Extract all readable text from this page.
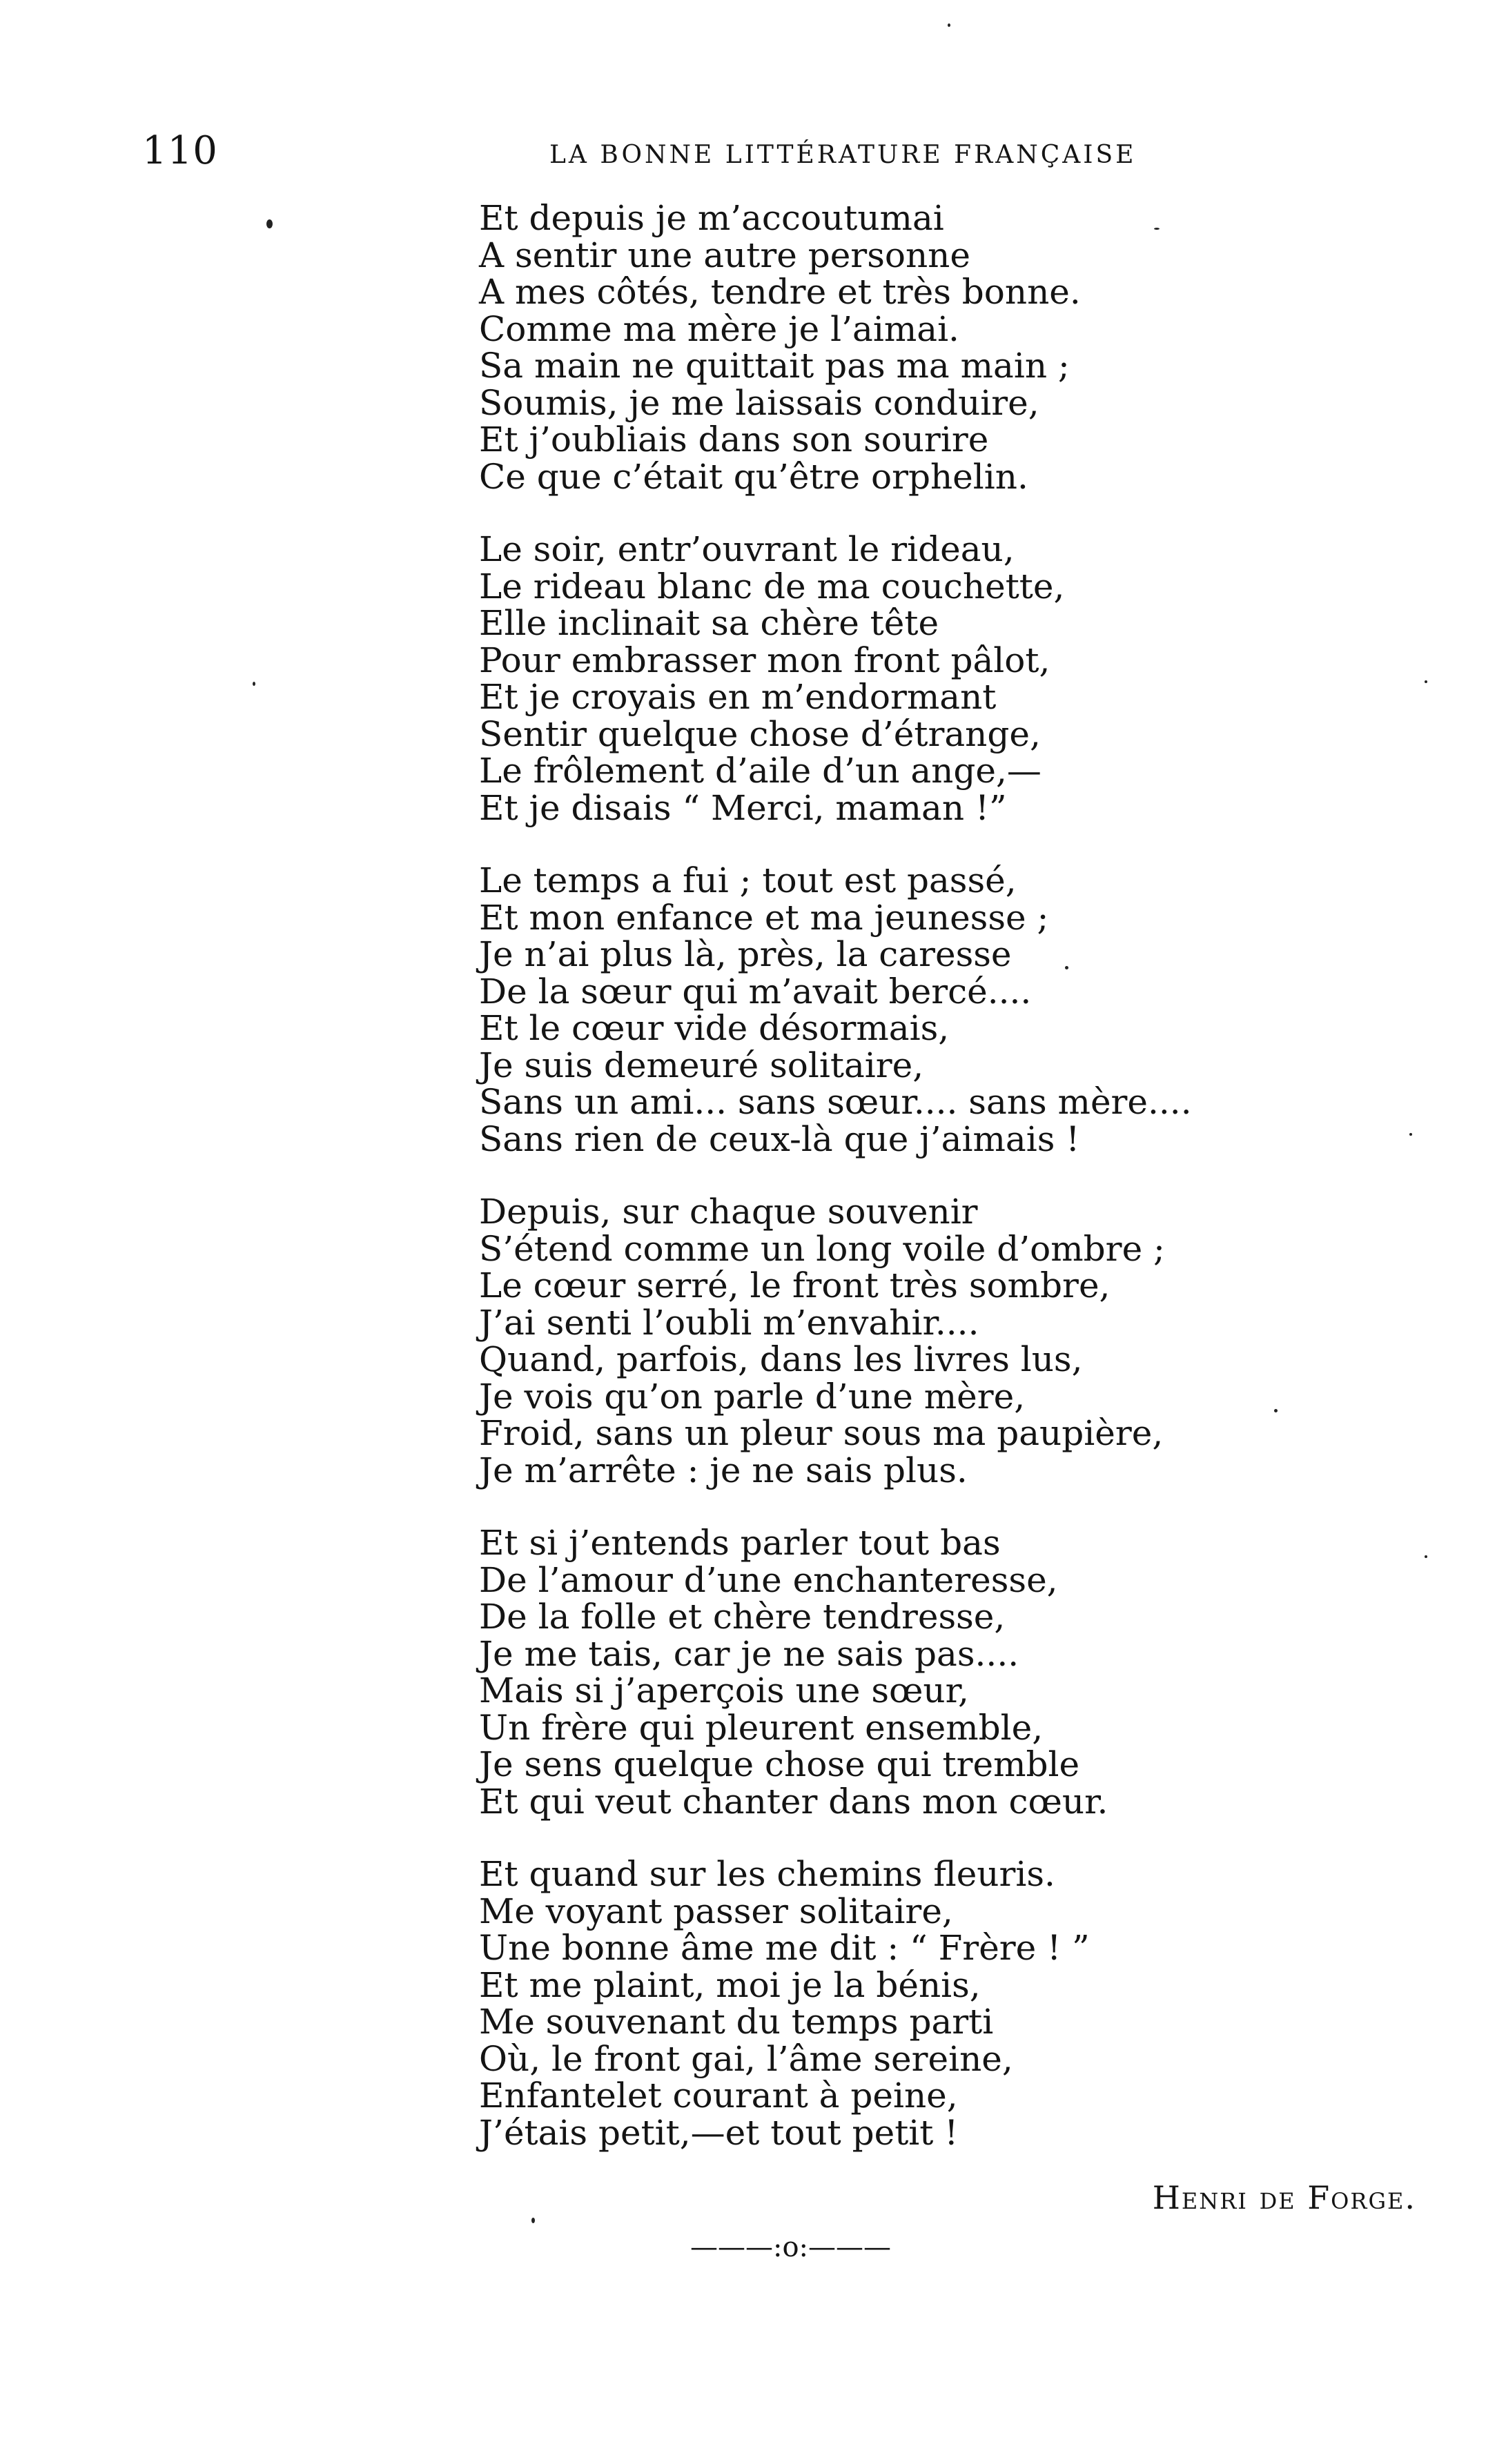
110	LA BONNE LITTÉRATURE FRANÇAISE
Et depuis je m’accoutumai
A sentir une autre personne
A mes côtés, tendre et très bonne.
Comme ma mère je l’aimai.
Sa main ne quittait pas ma main ;
Soumis, je me laissais conduire,
Et j’oubliais dans son sourire
Ce que c’était qu’être orphelin.
Le soir, entr’ouvrant le rideau,
Le rideau blanc de ma couchette,
Elle inclinait sa chère tête
Pour embrasser mon front pâlot,
Et je croyais en m’endormant
Sentir quelque chose d’étrange,
Le frôlement d’aile d’un ange,—
Et je disais “ Merci, maman !”
Le temps a fui ; tout est passé,
Et mon enfance et ma jeunesse ;
Je n’ai plus là, près, la caresse
De la sœur qui m’avait bercé....
Et le cœur vide désormais,
Je suis demeuré solitaire,
Sans un ami... sans sœur.... sans mère....
Sans rien de ceux-là que j’aimais !
Depuis, sur chaque souvenir
S’étend comme un long voile d’ombre ;
Le cœur serré, le front très sombre,
J’ai senti l’oubli m’envahir....
Quand, parfois, dans les livres lus,
Je vois qu’on parle d’une mère,
Froid, sans un pleur sous ma paupière,
Je m’arrête : je ne sais plus.
Et si j’entends parler tout bas
De l’amour d’une enchanteresse,
De la folle et chère tendresse,
Je me tais, car je ne sais pas....
Mais si j’aperçois une sœur,
Un frère qui pleurent ensemble,
Je sens quelque chose qui tremble
Et qui veut chanter dans mon cœur.
Et quand sur les chemins fleuris.
Me voyant passer solitaire,
Une bonne âme me dit : “ Frère ! ”
Et me plaint, moi je la bénis,
Me souvenant du temps parti
Où, le front gai, l’âme sereine,
Enfantelet courant à peine,
J’étais petit,—et tout petit !
Henri de Forge.
———:o:———
